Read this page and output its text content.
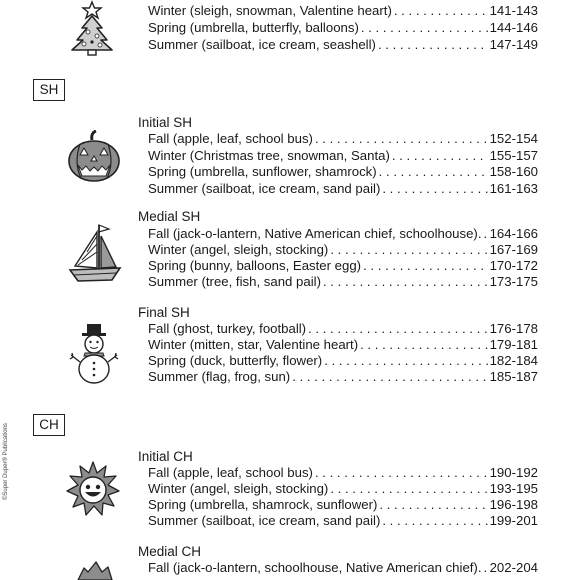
Winter (sleigh, snowman, Valentine heart) . . .	141-143
Spring (umbrella, butterfly, balloons) . . .	144-146
Summer (sailboat, ice cream, seashell) . . .	147-149
SH
Initial SH
Fall (apple, leaf, school bus) . . .	152-154
Winter (Christmas tree, snowman, Santa) . . .	155-157
Spring (umbrella, sunflower, shamrock) . . .	158-160
Summer (sailboat, ice cream, sand pail) . . .	161-163
Medial SH
Fall (jack-o-lantern, Native American chief, schoolhouse). . . . 164-166
Winter (angel, sleigh, stocking) . . .	167-169
Spring (bunny, balloons, Easter egg) . . .	170-172
Summer (tree, fish, sand pail) . . .	173-175
Final SH
Fall (ghost, turkey, football) . . .	176-178
Winter (mitten, star, Valentine heart) . . .	179-181
Spring (duck, butterfly, flower) . . .	182-184
Summer (flag, frog, sun) . . .	185-187
CH
Initial CH
Fall (apple, leaf, school bus) . . .	190-192
Winter (angel, sleigh, stocking) . . .	193-195
Spring (umbrella, shamrock, sunflower) . . .	196-198
Summer (sailboat, ice cream, sand pail) . . .	199-201
Medial CH
Fall (jack-o-lantern, schoolhouse, Native American chief). . . . 202-204
©Super Duper® Publications
